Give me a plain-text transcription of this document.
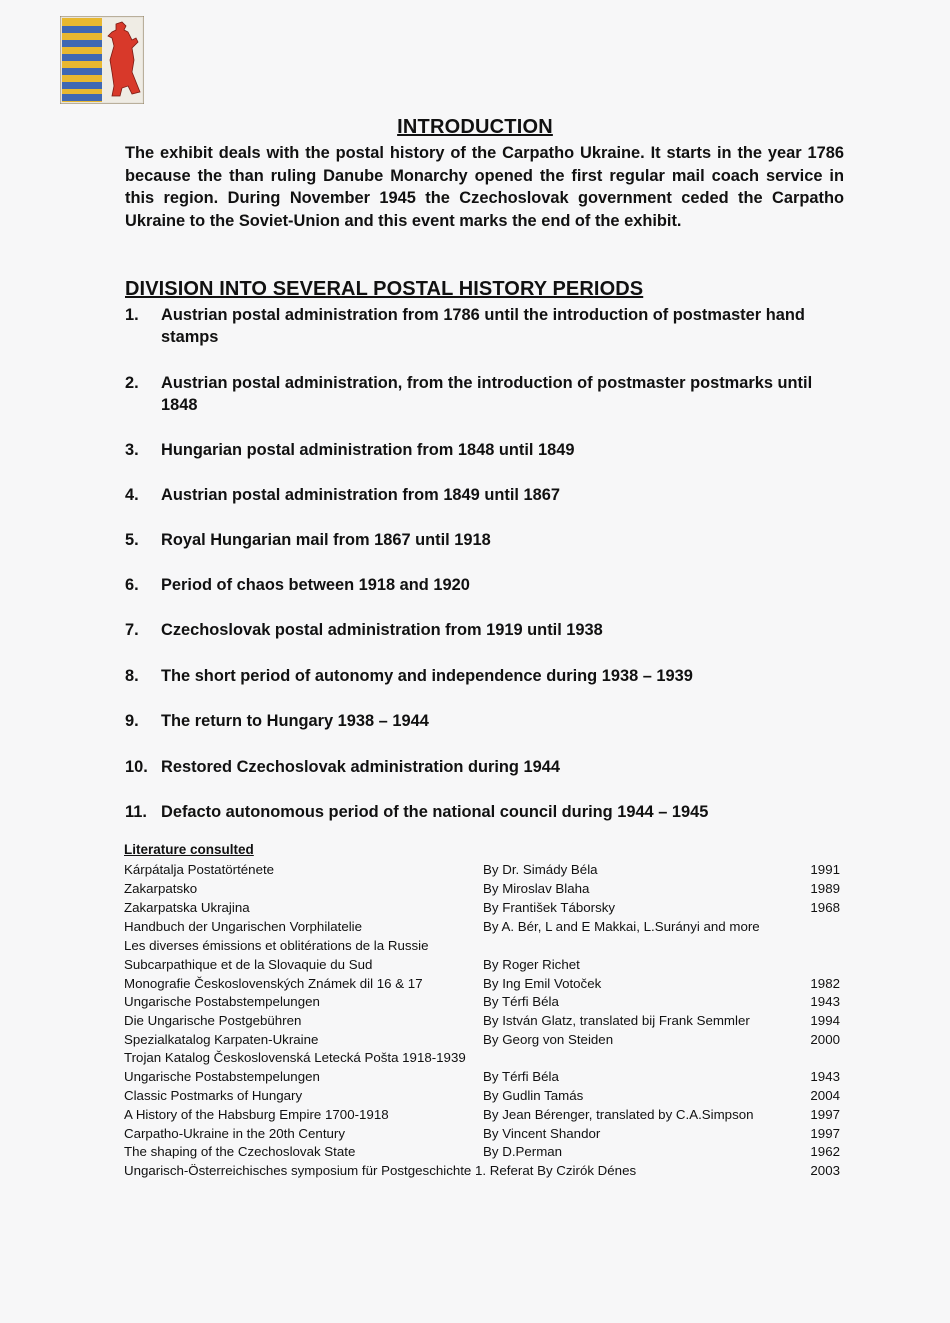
INTRODUCTION
The exhibit deals with the postal history of the Carpatho Ukraine. It starts in the year 1786 because the than ruling Danube Monarchy opened the first regular mail coach service in this region. During November 1945 the Czechoslovak government ceded the Carpatho Ukraine to the Soviet-Union and this event marks the end of the exhibit.
DIVISION INTO SEVERAL POSTAL HISTORY PERIODS
1.	Austrian postal administration from 1786 until the introduction of postmaster hand stamps
2.	Austrian postal administration, from the introduction of postmaster postmarks until 1848
3.	Hungarian postal administration from 1848 until 1849
4.	Austrian postal administration from 1849 until 1867
5.	Royal Hungarian mail from 1867 until 1918
6.	Period of chaos between 1918 and 1920
7.	Czechoslovak postal administration from 1919 until 1938
8.	The short period of autonomy and independence during 1938 – 1939
9.	The return to Hungary 1938 – 1944
10. Restored Czechoslovak administration during 1944
11. Defacto autonomous period of the national council during 1944 – 1945
Literature consulted
Kárpátalja Postatörténete	By Dr. Simády Béla	1991
Zakarpatsko	By Miroslav Blaha	1989
Zakarpatska Ukrajina	By František Táborsky	1968
Handbuch der Ungarischen Vorphilatelie	By A. Bér, L and E Makkai, L.Surányi and more
Les diverses émissions et oblitérations de la Russie
Subcarpathique et de la Slovaquie du Sud	By Roger Richet
Monografie Československých Známek dil 16 & 17	By Ing Emil Votoček	1982
Ungarische Postabstempelungen	By Térfi Béla	1943
Die Ungarische Postgebühren	By István Glatz, translated bij Frank Semmler	1994
Spezialkatalog Karpaten-Ukraine	By Georg von Steiden	2000
Trojan Katalog Československá Letecká Pošta 1918-1939
Ungarische Postabstempelungen	By Térfi Béla	1943
Classic Postmarks of Hungary	By Gudlin Tamás	2004
A History of the Habsburg Empire 1700-1918	By Jean Bérenger, translated by C.A.Simpson	1997
Carpatho-Ukraine in the 20th Century	By Vincent Shandor	1997
The shaping of the Czechoslovak State	By D.Perman	1962
Ungarisch-Österreichisches symposium für Postgeschichte 1. Referat By Czirók Dénes	2003
